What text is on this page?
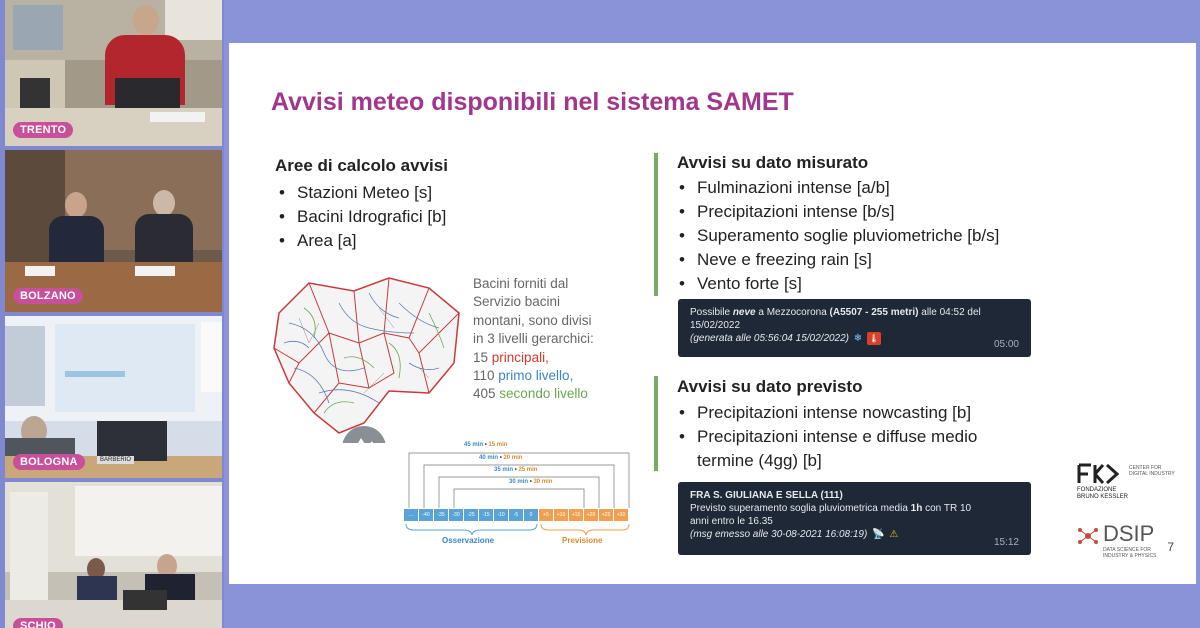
TRENTO
BOLZANO
BARBERIO
BOLOGNA
SCHIO
Avvisi meteo disponibili nel sistema SAMET
Aree di calcolo avvisi
• Stazioni Meteo [s]
• Bacini Idrografici [b]
• Area [a]
Bacini forniti dal
Servizio bacini
montani, sono divisi
in 3 livelli gerarchici:
15 principali,
110 primo livello,
405 secondo livello
45 min • 15 min
40 min • 20 min
35 min • 25 min
30 min • 30 min
...	-40	-35	-30	-25	-15	-10	-5	0	+5	+10	+15	+20	+25	+30
Osservazione	Previsione
Avvisi su dato misurato
• Fulminazioni intense [a/b]
• Precipitazioni intense [b/s]
• Superamento soglie pluviometriche [b/s]
• Neve e freezing rain [s]
• Vento forte [s]
Possibile neve a Mezzocorona (A5507 - 255 metri) alle 04:52 del
15/02/2022
(generata alle 05:56:04 15/02/2022) ❄ 🌡
05:00
Avvisi su dato previsto
• Precipitazioni intense nowcasting [b]
• Precipitazioni intense e diffuse medio
termine (4gg) [b]
FRA S. GIULIANA E SELLA (111)
Previsto superamento soglia pluviometrica media 1h con TR 10
anni entro le 16.35
(msg emesso alle 30-08-2021 16:08:19) 📡 ⚠
15:12
FONDAZIONE
BRUNO KESSLER
CENTER FOR
DIGITAL INDUSTRY
DSIP
DATA SCIENCE FOR
INDUSTRY & PHYSICS
7
